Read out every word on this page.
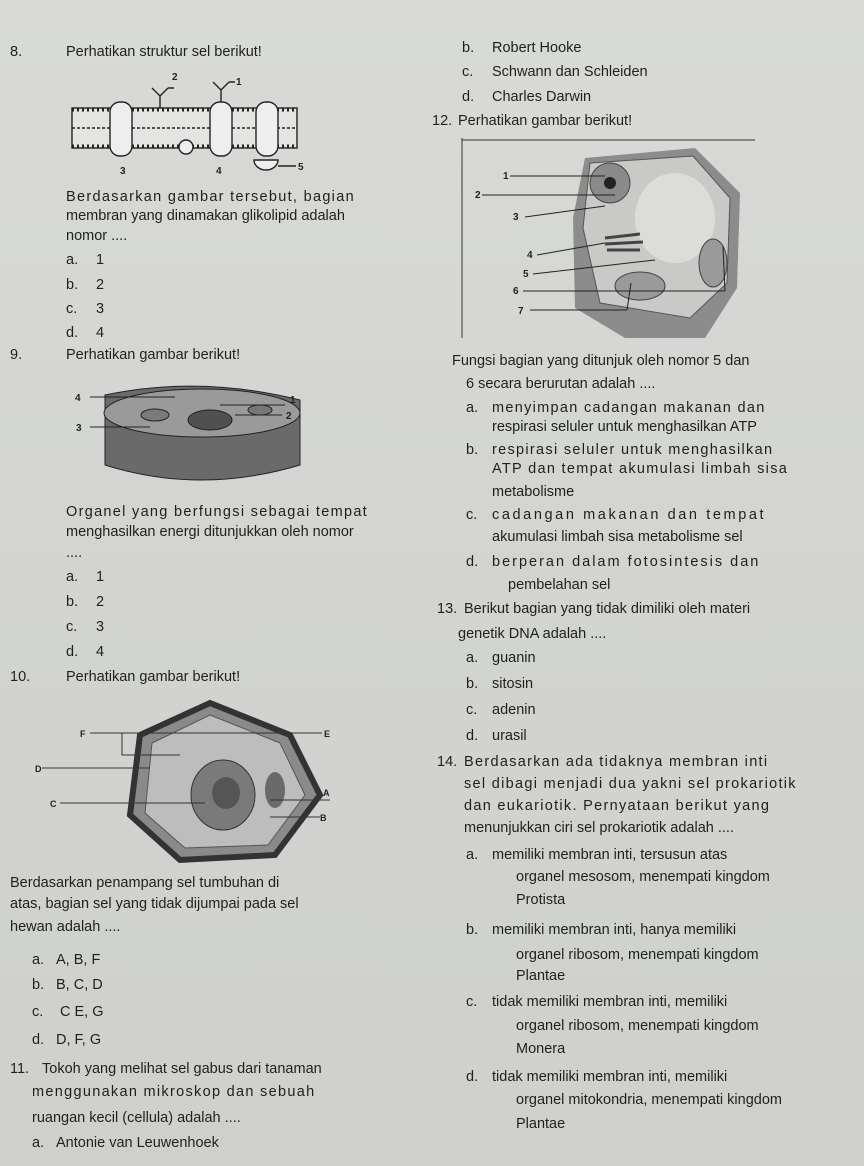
8.	Perhatikan struktur sel berikut!
2	1
3	4	5
Berdasarkan gambar tersebut, bagian
membran yang dinamakan glikolipid adalah
nomor ....
a. 1
b. 2
c. 3
d. 4
9.	Perhatikan gambar berikut!
4
3
1
2
Organel yang berfungsi sebagai tempat
menghasilkan energi ditunjukkan oleh nomor
....
a. 1
b. 2
c. 3
d. 4
10. Perhatikan gambar berikut!
F	E
D
C
A
B
Berdasarkan penampang sel tumbuhan di
atas, bagian sel yang tidak dijumpai pada sel
hewan adalah ....
a. A, B, F
b. B, C, D
c. C E, G
d. D, F, G
11. Tokoh yang melihat sel gabus dari tanaman
menggunakan mikroskop dan sebuah
ruangan kecil (cellula) adalah ....
a. Antonie van Leuwenhoek
b. Robert Hooke
c. Schwann dan Schleiden
d. Charles Darwin
12. Perhatikan gambar berikut!
1
2
3
4
5
6
7
Fungsi bagian yang ditunjuk oleh nomor 5 dan
6 secara berurutan adalah ....
a. menyimpan cadangan makanan dan
respirasi seluler untuk menghasilkan ATP
b. respirasi seluler untuk menghasilkan
ATP dan tempat akumulasi limbah sisa
metabolisme
c. cadangan makanan dan tempat
akumulasi limbah sisa metabolisme sel
d. berperan dalam fotosintesis dan
pembelahan sel
13. Berikut bagian yang tidak dimiliki oleh materi
genetik DNA adalah ....
a. guanin
b. sitosin
c. adenin
d. urasil
14. Berdasarkan ada tidaknya membran inti
sel dibagi menjadi dua yakni sel prokariotik
dan eukariotik. Pernyataan berikut yang
menunjukkan ciri sel prokariotik adalah ....
a. memiliki membran inti, tersusun atas
organel mesosom, menempati kingdom
Protista
b. memiliki membran inti, hanya memiliki
organel ribosom, menempati kingdom
Plantae
c. tidak memiliki membran inti, memiliki
organel ribosom, menempati kingdom
Monera
d. tidak memiliki membran inti, memiliki
organel mitokondria, menempati kingdom
Plantae
